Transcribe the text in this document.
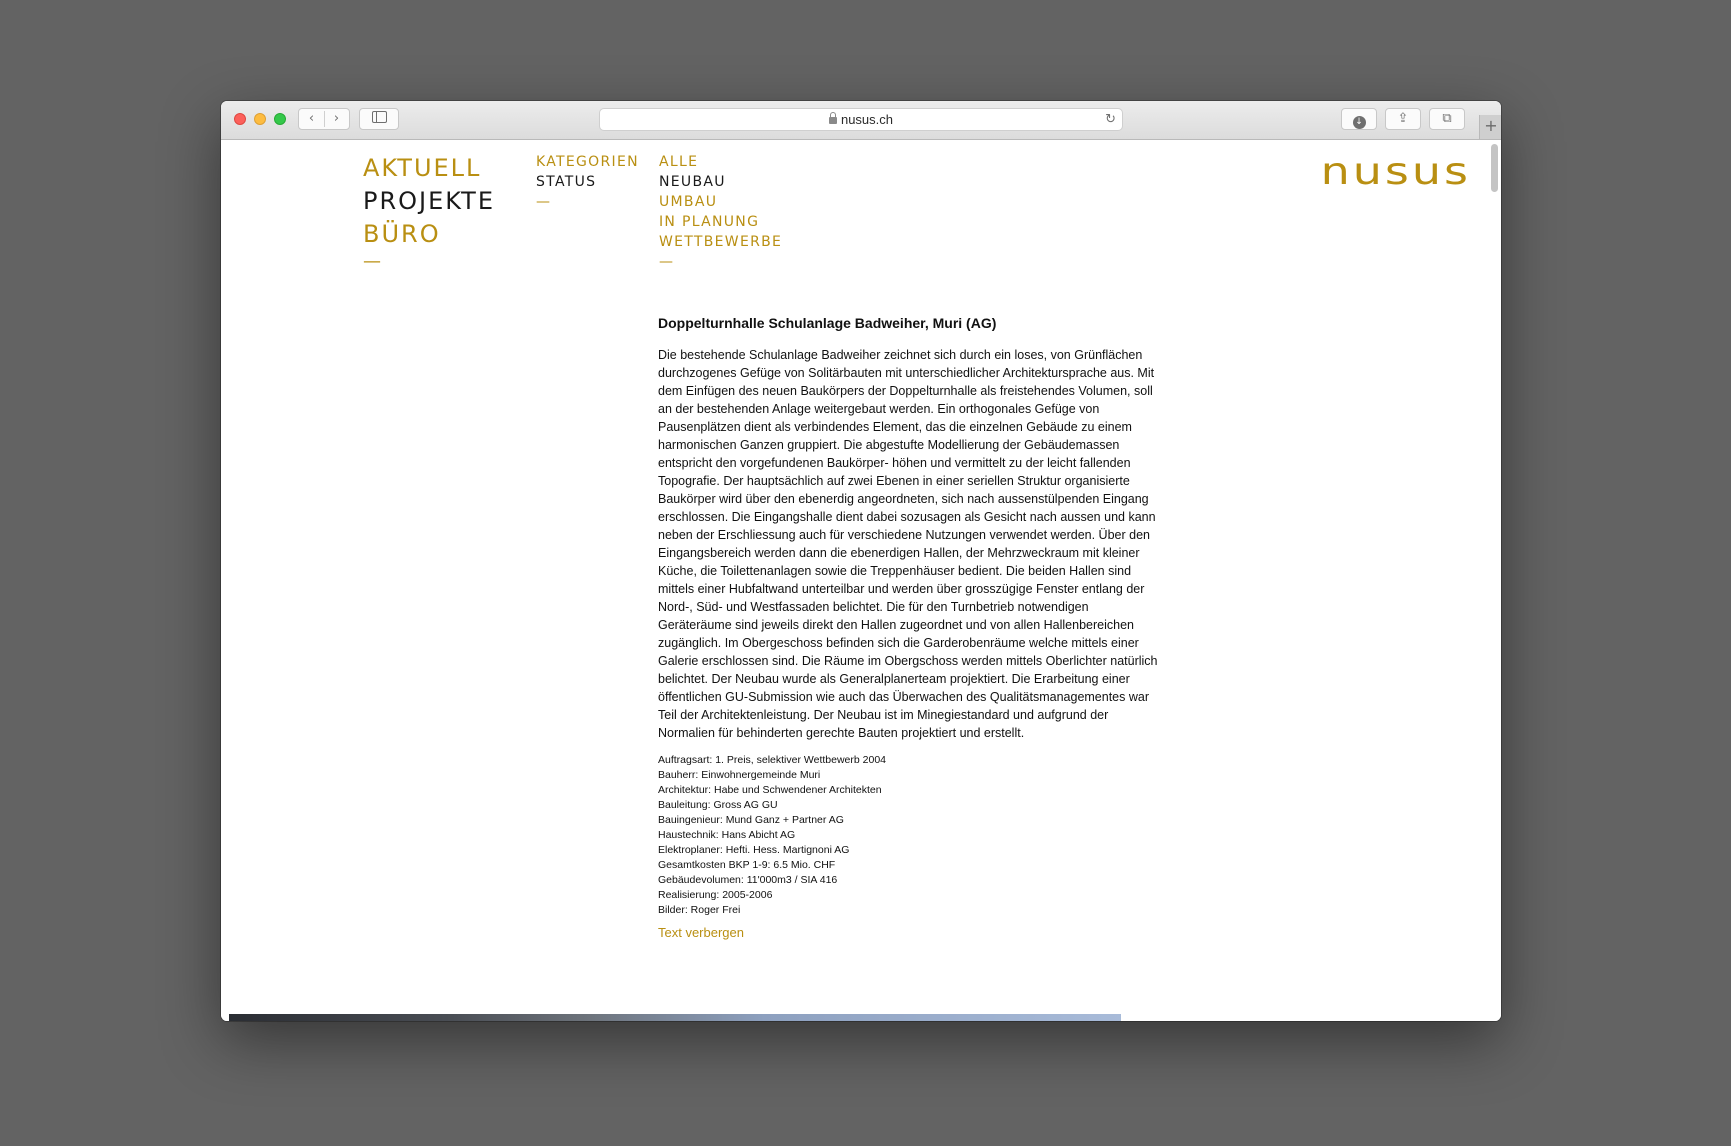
‹ ›	nusus.ch	↻	↓	⇪	⧉	+
AKTUELL
PROJEKTE
BÜRO
—
KATEGORIEN
STATUS
—
ALLE
NEUBAU
UMBAU
IN PLANUNG
WETTBEWERBE
—
nusus
Doppelturnhalle Schulanlage Badweiher, Muri (AG)

Die bestehende Schulanlage Badweiher zeichnet sich durch ein loses, von Grünflächen durchzogenes Gefüge von Solitärbauten mit unterschiedlicher Architektursprache aus. Mit dem Einfügen des neuen Baukörpers der Doppelturnhalle als freistehendes Volumen, soll an der bestehenden Anlage weitergebaut werden. Ein orthogonales Gefüge von Pausenplätzen dient als verbindendes Element, das die einzelnen Gebäude zu einem harmonischen Ganzen gruppiert. Die abgestufte Modellierung der Gebäudemassen entspricht den vorgefundenen Baukörper- höhen und vermittelt zu der leicht fallenden Topografie. Der hauptsächlich auf zwei Ebenen in einer seriellen Struktur organisierte Baukörper wird über den ebenerdig angeordneten, sich nach aussenstülpenden Eingang erschlossen. Die Eingangshalle dient dabei sozusagen als Gesicht nach aussen und kann neben der Erschliessung auch für verschiedene Nutzungen verwendet werden. Über den Eingangsbereich werden dann die ebenerdigen Hallen, der Mehrzweckraum mit kleiner Küche, die Toilettenanlagen sowie die Treppenhäuser bedient. Die beiden Hallen sind mittels einer Hubfaltwand unterteilbar und werden über grosszügige Fenster entlang der Nord-, Süd- und Westfassaden belichtet. Die für den Turnbetrieb notwendigen Geräteräume sind jeweils direkt den Hallen zugeordnet und von allen Hallenbereichen zugänglich. Im Obergeschoss befinden sich die Garderobenräume welche mittels einer Galerie erschlossen sind. Die Räume im Obergschoss werden mittels Oberlichter natürlich belichtet. Der Neubau wurde als Generalplanerteam projektiert. Die Erarbeitung einer öffentlichen GU-Submission wie auch das Überwachen des Qualitätsmanagementes war Teil der Architektenleistung. Der Neubau ist im Minegiestandard und aufgrund der Normalien für behinderten gerechte Bauten projektiert und erstellt.

Auftragsart: 1. Preis, selektiver Wettbewerb 2004
Bauherr: Einwohnergemeinde Muri
Architektur: Habe und Schwendener Architekten
Bauleitung: Gross AG GU
Bauingenieur: Mund Ganz + Partner AG
Haustechnik: Hans Abicht AG
Elektroplaner: Hefti. Hess. Martignoni AG
Gesamtkosten BKP 1-9: 6.5 Mio. CHF
Gebäudevolumen: 11'000m3 / SIA 416
Realisierung: 2005-2006
Bilder: Roger Frei
Text verbergen
